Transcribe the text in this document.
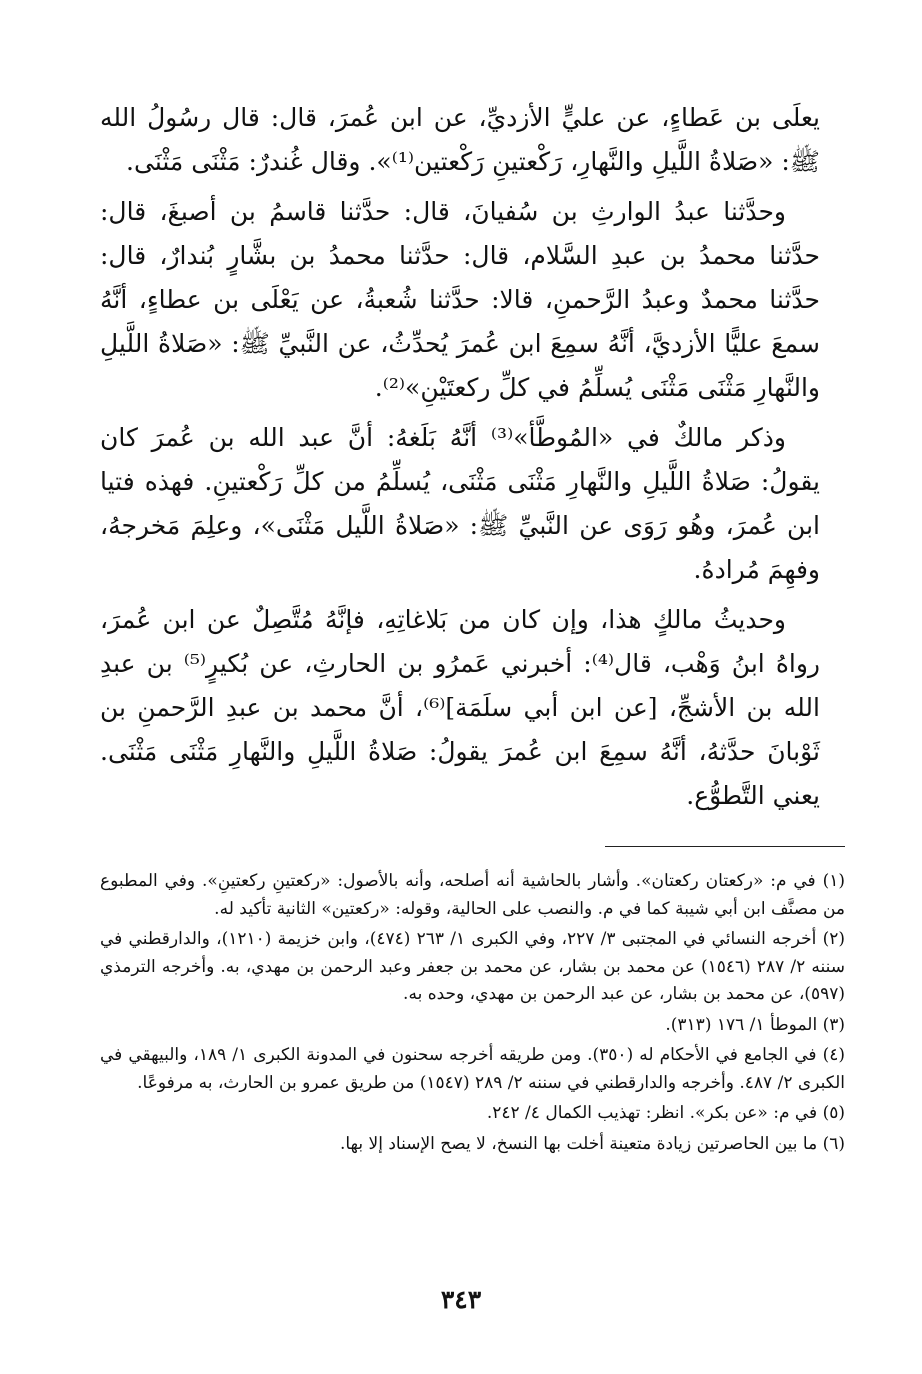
يعلَى بن عَطاءٍ، عن عليٍّ الأزديِّ، عن ابن عُمرَ، قال: قال رسُولُ الله ﷺ: «صَلاةُ اللَّيلِ والنَّهارِ، رَكْعتينِ رَكْعتين⁽¹⁾». وقال غُندرٌ: مَثْنَى مَثْنَى.

وحدَّثنا عبدُ الوارثِ بن سُفيانَ، قال: حدَّثنا قاسمُ بن أصبغَ، قال: حدَّثنا محمدُ بن عبدِ السَّلام، قال: حدَّثنا محمدُ بن بشَّارٍ بُندارٌ، قال: حدَّثنا محمدٌ وعبدُ الرَّحمنِ، قالا: حدَّثنا شُعبةُ، عن يَعْلَى بن عطاءٍ، أنَّهُ سمعَ عليًّا الأزديَّ، أنَّهُ سمِعَ ابن عُمرَ يُحدِّثُ، عن النَّبيِّ ﷺ: «صَلاةُ اللَّيلِ والنَّهارِ مَثْنَى مَثْنَى يُسلِّمُ في كلِّ ركعتَيْنِ»⁽²⁾.

وذكر مالكٌ في «المُوطَّأ»⁽³⁾ أنَّهُ بَلَغهُ: أنَّ عبد الله بن عُمرَ كان يقولُ: صَلاةُ اللَّيلِ والنَّهارِ مَثْنَى مَثْنَى، يُسلِّمُ من كلِّ رَكْعتينِ. فهذه فتيا ابن عُمرَ، وهُو رَوَى عن النَّبيِّ ﷺ: «صَلاةُ اللَّيل مَثْنَى»، وعلِمَ مَخرجهُ، وفهِمَ مُرادهُ.

وحديثُ مالكٍ هذا، وإن كان من بَلاغاتِهِ، فإنَّهُ مُتَّصِلٌ عن ابن عُمرَ، رواهُ ابنُ وَهْب، قال⁽⁴⁾: أخبرني عَمرُو بن الحارثِ، عن بُكيرٍ⁽⁵⁾ بن عبدِ الله بن الأشجِّ، [عن ابن أبي سلَمَة]⁽⁶⁾، أنَّ محمد بن عبدِ الرَّحمنِ بن ثَوْبانَ حدَّثهُ، أنَّهُ سمِعَ ابن عُمرَ يقولُ: صَلاةُ اللَّيلِ والنَّهارِ مَثْنَى مَثْنَى. يعني التَّطوُّع.

(١) في م: «ركعتان ركعتان». وأشار بالحاشية أنه أصلحه، وأنه بالأصول: «ركعتينِ ركعتينِ». وفي المطبوع من مصنَّف ابن أبي شيبة كما في م. والنصب على الحالية، وقوله: «ركعتين» الثانية تأكيد له.

(٢) أخرجه النسائي في المجتبى ٣/ ٢٢٧، وفي الكبرى ١/ ٢٦٣ (٤٧٤)، وابن خزيمة (١٢١٠)، والدارقطني في سننه ٢/ ٢٨٧ (١٥٤٦) عن محمد بن بشار، عن محمد بن جعفر وعبد الرحمن بن مهدي، به. وأخرجه الترمذي (٥٩٧)، عن محمد بن بشار، عن عبد الرحمن بن مهدي، وحده به.

(٣) الموطأ ١/ ١٧٦ (٣١٣).

(٤) في الجامع في الأحكام له (٣٥٠). ومن طريقه أخرجه سحنون في المدونة الكبرى ١/ ١٨٩، والبيهقي في الكبرى ٢/ ٤٨٧. وأخرجه والدارقطني في سننه ٢/ ٢٨٩ (١٥٤٧) من طريق عمرو بن الحارث، به مرفوعًا.

(٥) في م: «عن بكر». انظر: تهذيب الكمال ٤/ ٢٤٢.

(٦) ما بين الحاصرتين زيادة متعينة أخلت بها النسخ، لا يصح الإسناد إلا بها.

٣٤٣
